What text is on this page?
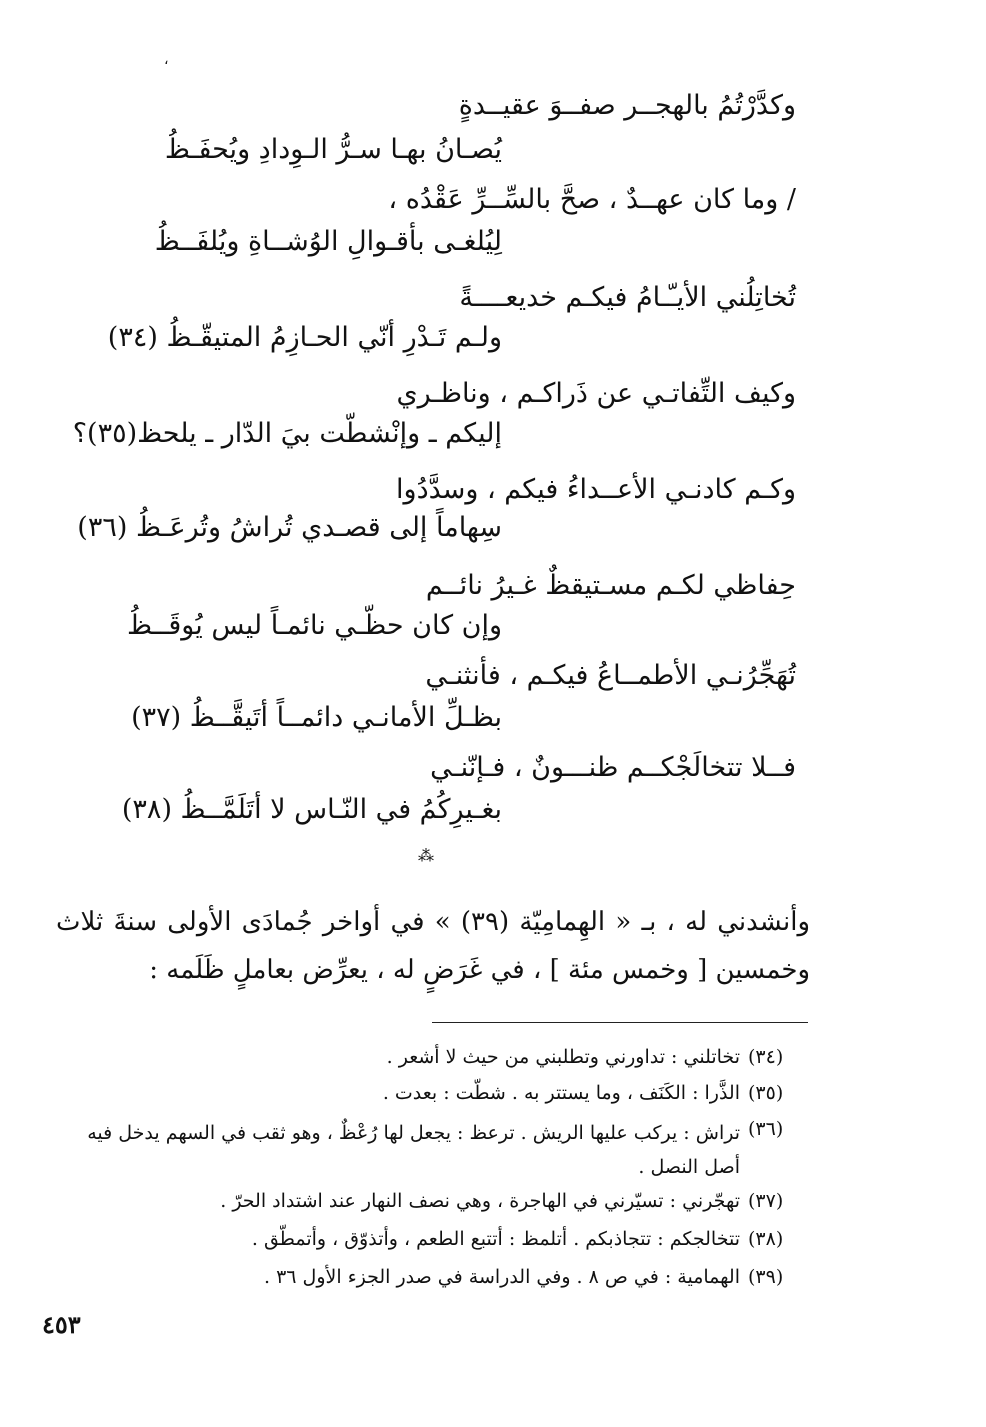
،
وكدَّرْتُمُ بالهجــر صفــوَ عقيــدةٍ
يُصـانُ بهـا سـرُّ الـوِدادِ ويُحفَـظُ
/ وما كان عهــدٌ ، صحَّ بالسِّــرِّ عَقْدُه ،
لِيُلغـى بأقـوالِ الوُشــاةِ ويُلفَــظُ
تُخاتِلُني الأيـّـامُ فيكـم خديعــــةً
ولـم تَـدْرِ أنّي الحـازِمُ المتيقّـظُ (٣٤)
وكيف التِّفاتـي عن ذَراكـم ، وناظـري
إليكم ـ وإنْشطّت بيَ الدّار ـ يلحظ(٣٥)؟
وكـم كادنـي الأعــداءُ فيكم ، وسدَّدُوا
سِهاماً إلى قصـدي تُراشُ وتُرعَـظُ (٣٦)
حِفاظي لكـم مسـتيقظٌ غـيرُ نائــم
وإن كان حظّـي نائمـاً ليس يُوقَــظُ
تُهَجِّرُنـي الأطمــاعُ فيكـم ، فأنثنـي
بظـلِّ الأمانـي دائمــاً أتَيقَّــظُ (٣٧)
فــلا تتخالَجْكــم ظنـــونٌ ، فـإنّنـي
بغـيرِكُمُ في النّـاس لا أتَلَمَّــظُ (٣٨)
⁂
وأنشدني له ، بـ « الهِمامِيّة (٣٩) » في أواخر جُمادَى الأولى سنةَ ثلاث وخمسين [ وخمس مئة ] ، في غَرَضٍ له ، يعرِّض بعاملٍ ظَلَمه :
(٣٤)
تخاتلني : تداورني وتطلبني من حيث لا أشعر .
(٣٥)
الذَّرا : الكَنَف ، وما يستتر به . شطّت : بعدت .
(٣٦)
تراش : يركب عليها الريش . ترعظ : يجعل لها رُعْظٌ ، وهو ثقب في السهم يدخل فيه أصل النصل .
(٣٧)
تهجّرني : تسيّرني في الهاجرة ، وهي نصف النهار عند اشتداد الحرّ .
(٣٨)
تتخالجكم : تتجاذبكم . أتلمظ : أتتبع الطعم ، وأتذوّق ، وأتمطّق .
(٣٩)
الهمامية : في ص ٨ . وفي الدراسة في صدر الجزء الأول ٣٦ .
٤٥٣
